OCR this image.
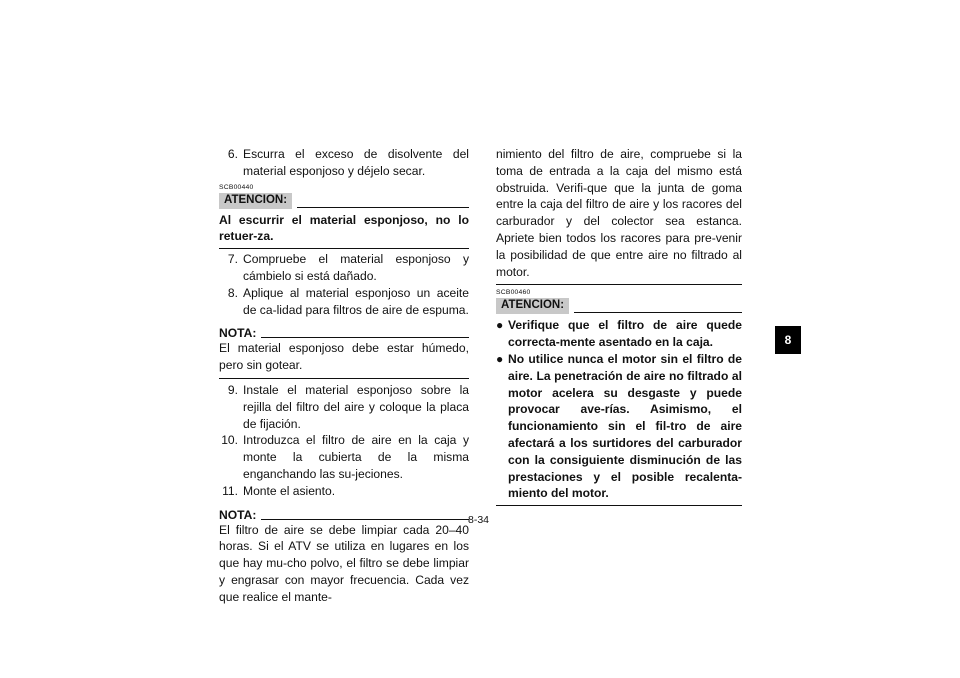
6. Escurra el exceso de disolvente del material esponjoso y déjelo secar.
SCB00440
ATENCION:

Al escurrir el material esponjoso, no lo retuer-za.

7. Compruebe el material esponjoso y cámbielo si está dañado.
8. Aplique al material esponjoso un aceite de ca-lidad para filtros de aire de espuma.
NOTA:

El material esponjoso debe estar húmedo, pero sin gotear.

9. Instale el material esponjoso sobre la rejilla del filtro del aire y coloque la placa de fijación.
10. Introduzca el filtro de aire en la caja y monte la cubierta de la misma enganchando las su-jeciones.
11. Monte el asiento.
NOTA:

El filtro de aire se debe limpiar cada 20–40 horas. Si el ATV se utiliza en lugares en los que hay mu-cho polvo, el filtro se debe limpiar y engrasar con mayor frecuencia. Cada vez que realice el mante-

nimiento del filtro de aire, compruebe si la toma de entrada a la caja del mismo está obstruida. Verifi-que que la junta de goma entre la caja del filtro de aire y los racores del carburador y del colector sea estanca. Apriete bien todos los racores para pre-venir la posibilidad de que entre aire no filtrado al motor.

SCB00460
ATENCION:
● Verifique que el filtro de aire quede correcta-mente asentado en la caja.
● No utilice nunca el motor sin el filtro de aire. La penetración de aire no filtrado al motor acelera su desgaste y puede provocar ave-rías. Asimismo, el funcionamiento sin el fil-tro de aire afectará a los surtidores del carburador con la consiguiente disminución de las prestaciones y el posible recalenta-miento del motor.
8-34
8
